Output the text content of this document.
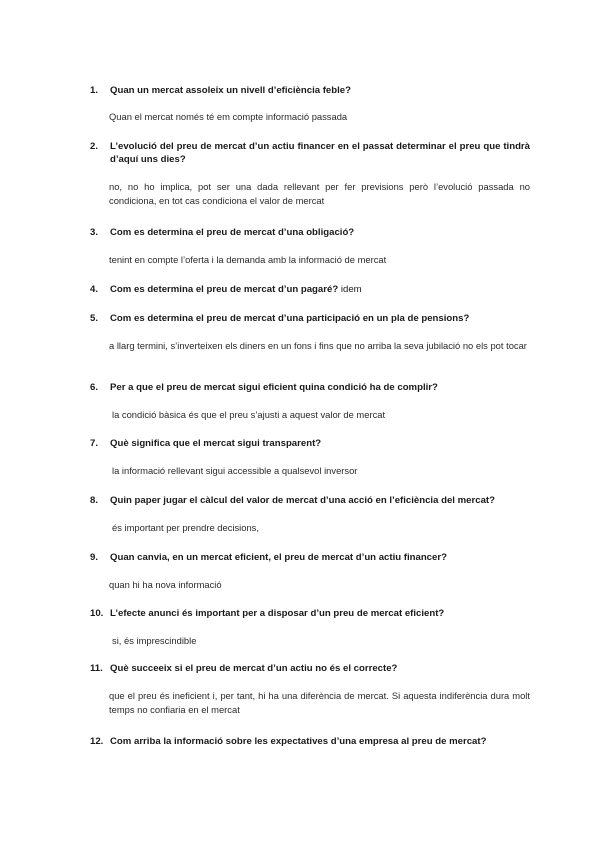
1.	Quan un mercat assoleix un nivell d’eficiència feble?
Quan el mercat només té em compte informació passada
2.	L’evolució del preu de mercat d’un actiu financer en el passat determinar el preu que tindrà d’aquí uns dies?
no, no ho implica, pot ser una dada rellevant per fer previsions però l’evolució passada no condiciona, en tot cas condiciona el valor de mercat
3.	Com es determina el preu de mercat d’una obligació?
tenint en compte l’oferta i la demanda amb la informació de mercat
4.	Com es determina el preu de mercat d’un pagaré? idem
5.	Com es determina el preu de mercat d’una participació en un pla de pensions?
a llarg termini, s’inverteixen els diners en un fons i fins que no arriba la seva jubilació no els pot tocar
6.	Per a que el preu de mercat sigui eficient quina condició ha de complir?
la condició bàsica és que el preu s’ajusti a aquest valor de mercat
7.	Què significa que el mercat sigui transparent?
la informació rellevant sigui accessible a qualsevol inversor
8.	Quin paper jugar el càlcul del valor de mercat d’una acció en l’eficiència del mercat?
és important per prendre decisions,
9.	Quan canvia, en un mercat eficient, el preu de mercat d’un actiu financer?
quan hi ha nova informació
10. L’efecte anunci és important per a disposar d’un preu de mercat eficient?
si, és imprescindible
11. Què succeeix si el preu de mercat d’un actiu no és el correcte?
que el preu és ineficient i, per tant, hi ha una diferència de mercat. Si aquesta indiferència dura molt temps no confiaria en el mercat
12. Com arriba la informació sobre les expectatives d’una empresa al preu de mercat?
